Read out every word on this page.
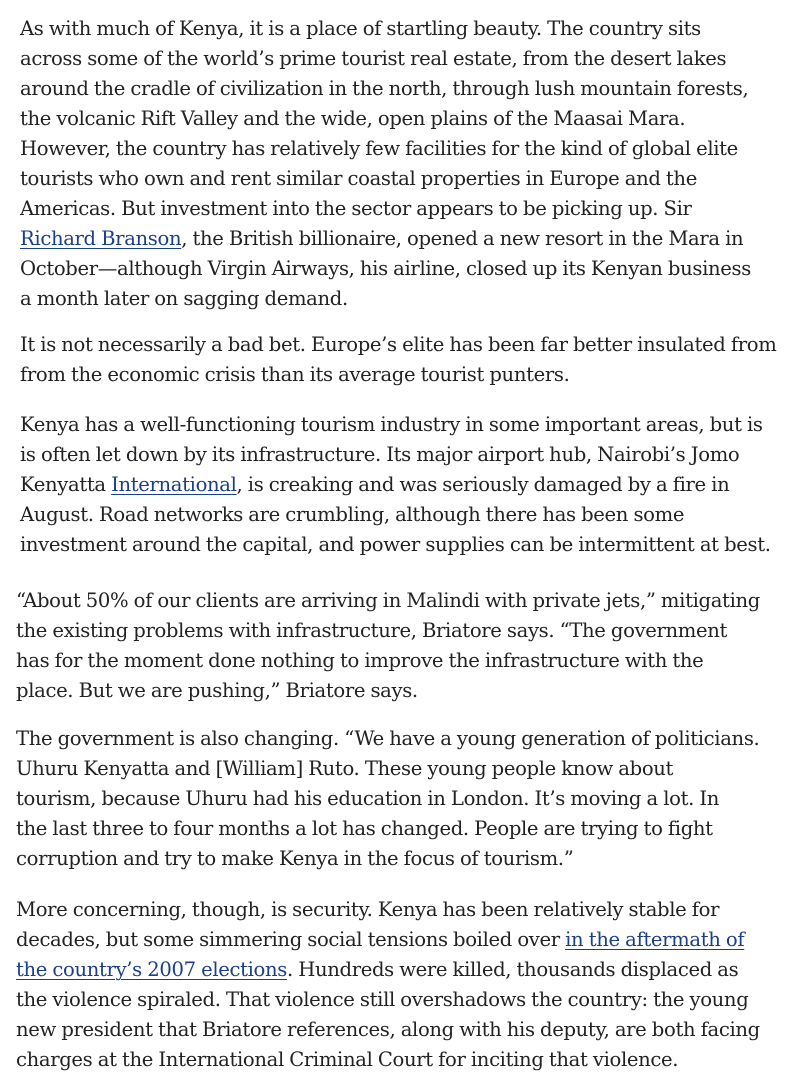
As with much of Kenya, it is a place of startling beauty. The country sits
across some of the world’s prime tourist real estate, from the desert lakes
around the cradle of civilization in the north, through lush mountain forests,
the volcanic Rift Valley and the wide, open plains of the Maasai Mara.
However, the country has relatively few facilities for the kind of global elite
tourists who own and rent similar coastal properties in Europe and the
Americas. But investment into the sector appears to be picking up. Sir
Richard Branson, the British billionaire, opened a new resort in the Mara in
October—although Virgin Airways, his airline, closed up its Kenyan business
a month later on sagging demand.

It is not necessarily a bad bet. Europe’s elite has been far better insulated from
from the economic crisis than its average tourist punters.

Kenya has a well-functioning tourism industry in some important areas, but is
is often let down by its infrastructure. Its major airport hub, Nairobi’s Jomo
Kenyatta International, is creaking and was seriously damaged by a fire in
August. Road networks are crumbling, although there has been some
investment around the capital, and power supplies can be intermittent at best.

“About 50% of our clients are arriving in Malindi with private jets,” mitigating
the existing problems with infrastructure, Briatore says. “The government
has for the moment done nothing to improve the infrastructure with the
place. But we are pushing,” Briatore says.

The government is also changing. “We have a young generation of politicians.
Uhuru Kenyatta and [William] Ruto. These young people know about
tourism, because Uhuru had his education in London. It’s moving a lot. In
the last three to four months a lot has changed. People are trying to fight
corruption and try to make Kenya in the focus of tourism.”

More concerning, though, is security. Kenya has been relatively stable for
decades, but some simmering social tensions boiled over in the aftermath of
the country’s 2007 elections. Hundreds were killed, thousands displaced as
the violence spiraled. That violence still overshadows the country: the young
new president that Briatore references, along with his deputy, are both facing
charges at the International Criminal Court for inciting that violence.
